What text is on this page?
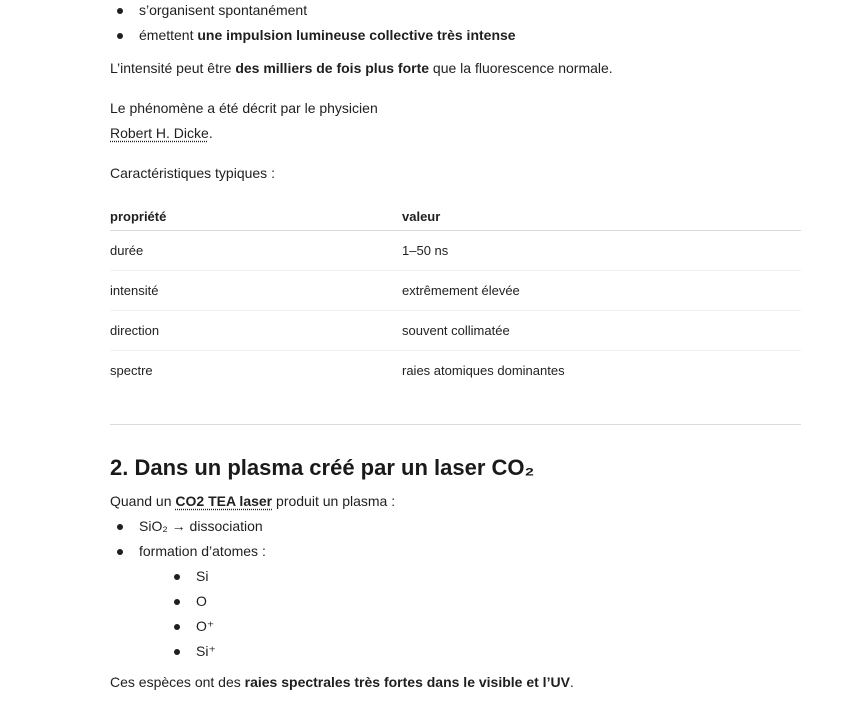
s’organisent spontanément
émettent une impulsion lumineuse collective très intense

L’intensité peut être des milliers de fois plus forte que la fluorescence normale.

Le phénomène a été décrit par le physicien
Robert H. Dicke.

Caractéristiques typiques :

propriété	valeur
durée	1–50 ns
intensité	extrêmement élevée
direction	souvent collimatée
spectre	raies atomiques dominantes
2. Dans un plasma créé par un laser CO₂

Quand un CO2 TEA laser produit un plasma :

SiO₂ → dissociation
formation d’atomes :
Si
O
O⁺
Si⁺

Ces espèces ont des raies spectrales très fortes dans le visible et l’UV.
